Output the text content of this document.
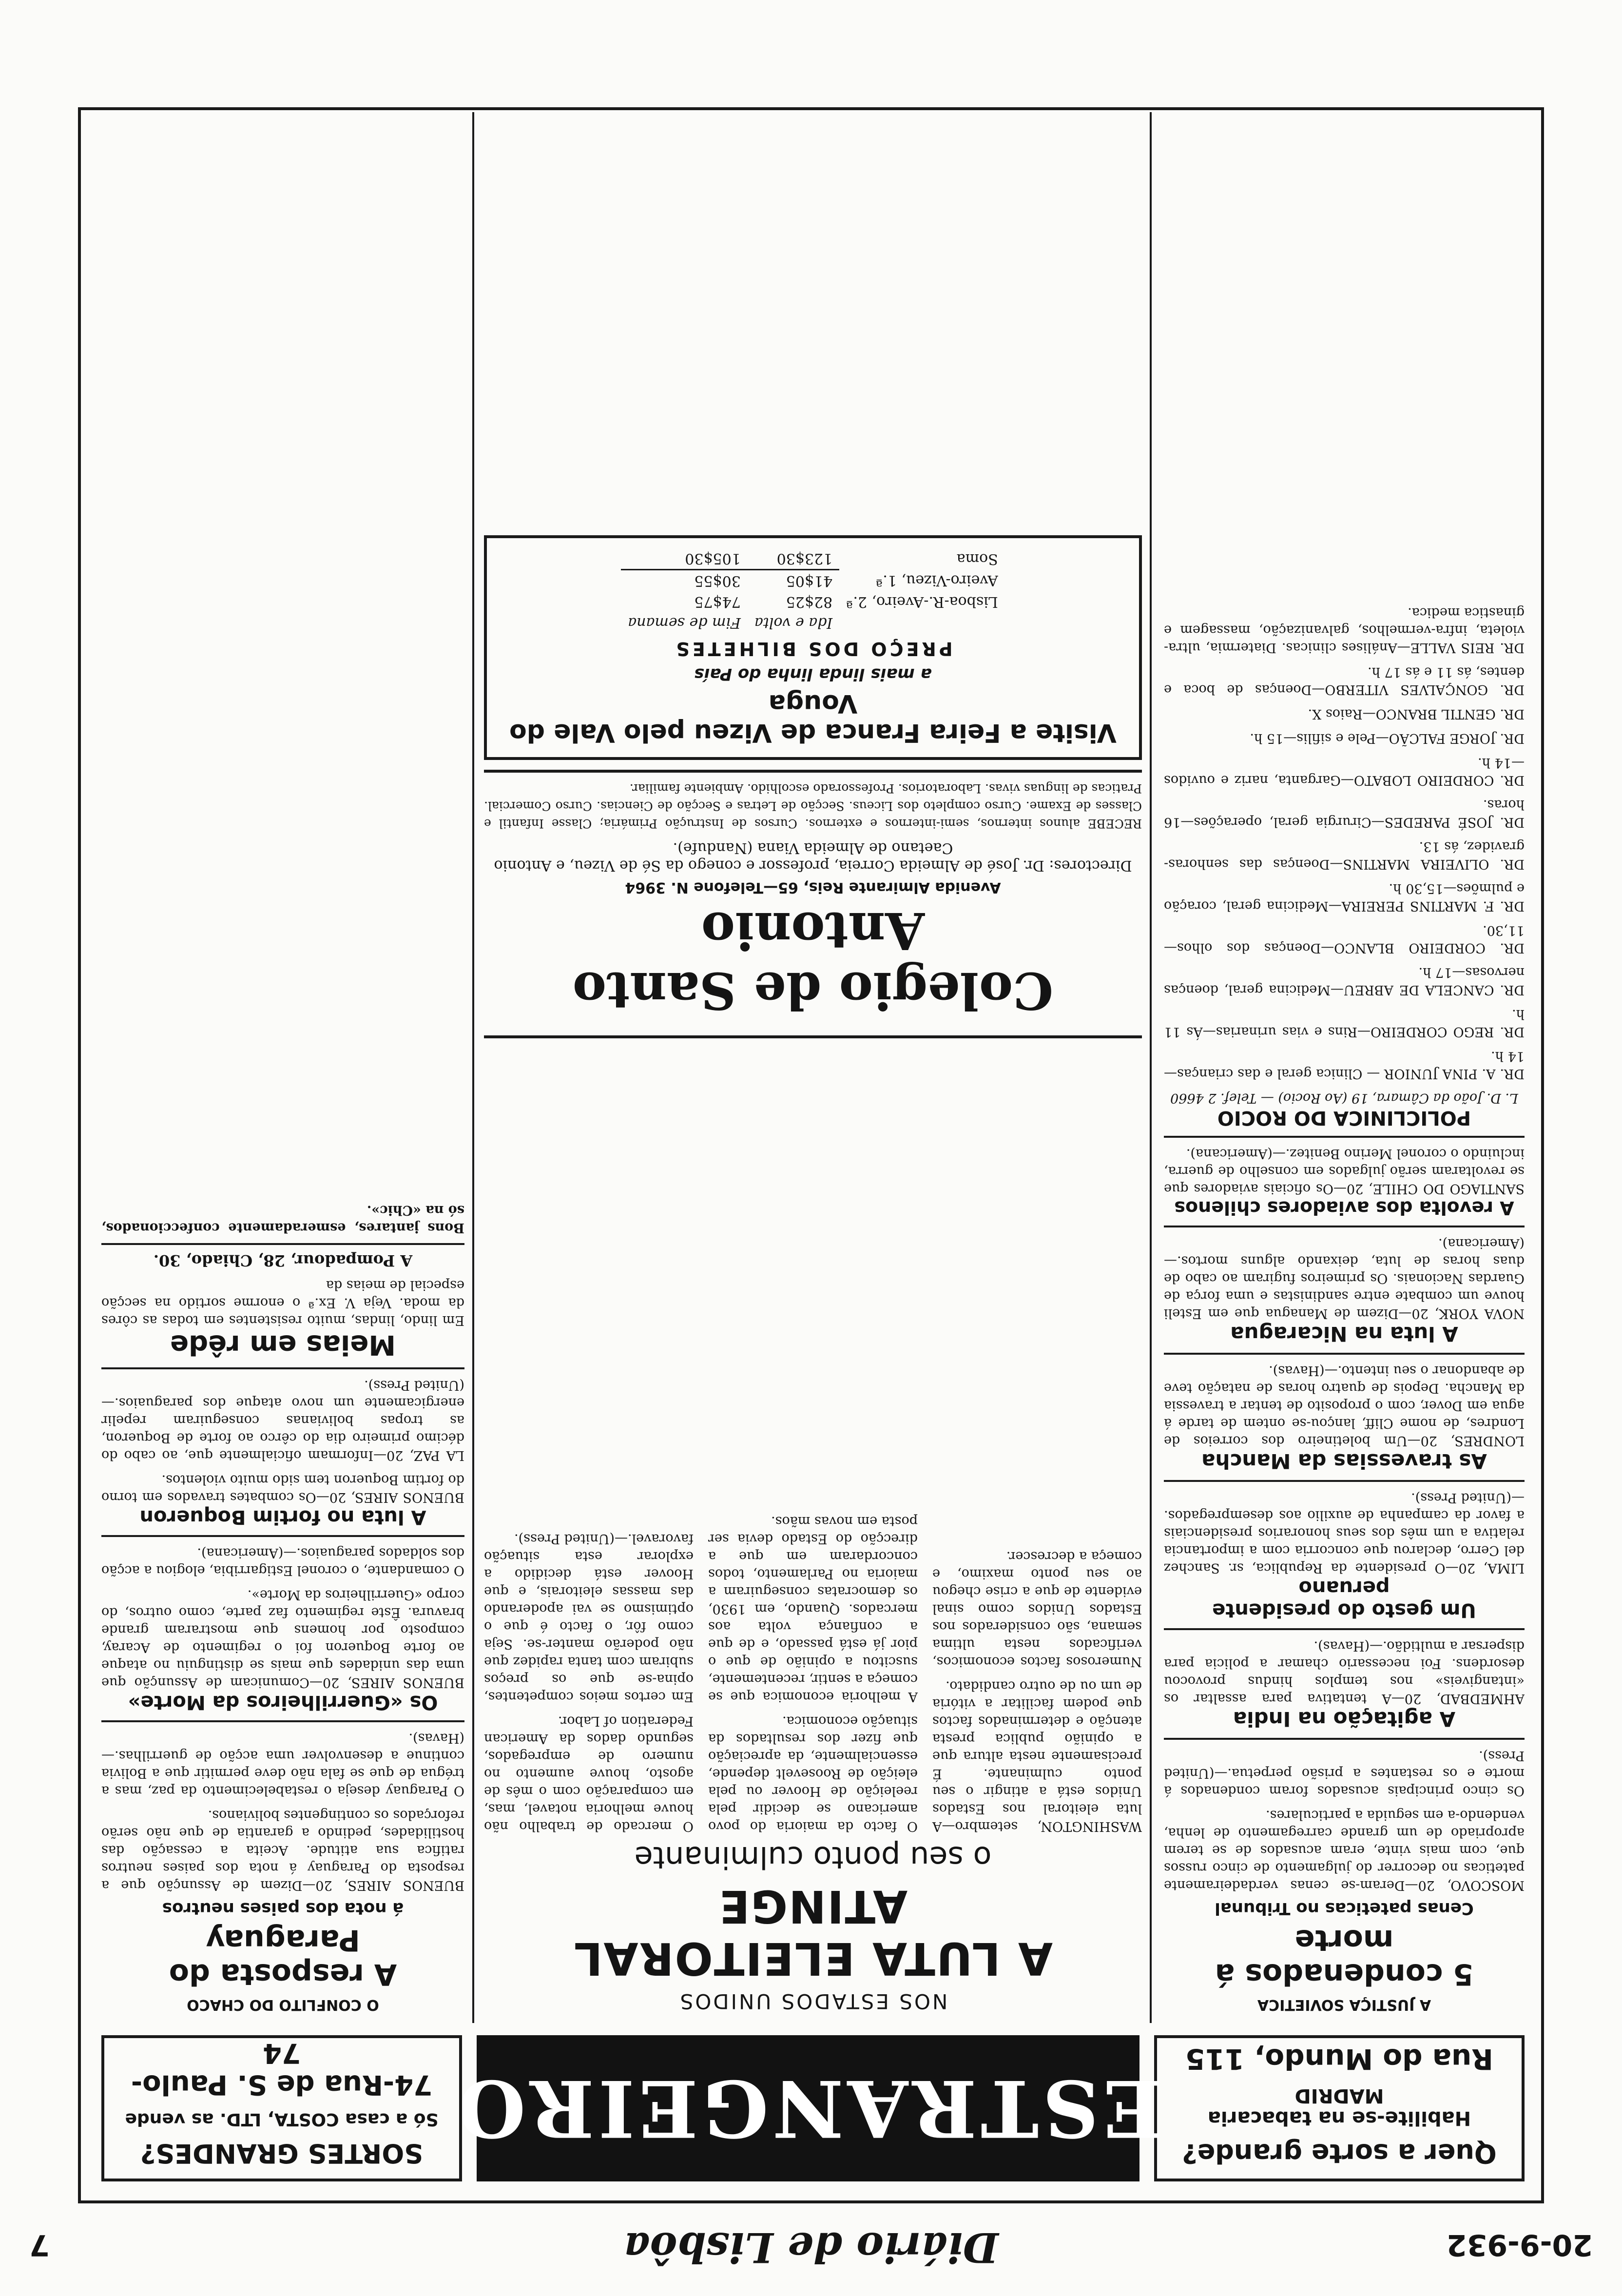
20-9-932
Diário de Lisbôa
7

Quer a sorte grande?

Habilite-se na tabacaria MADRID

Rua do Mundo, 115

ESTRANGEIRO

SORTES GRANDES?

Só a casa COSTA, LTD. as vende

74-Rua de S. Paulo-74

A JUSTIÇA SOVIETICA

5 condenados á morte

Cenas pateticas no Tribunal

MOSCOVO, 20—Deram-se cenas verdadeiramente pateticas no decorrer do julgamento de cinco russos que, com mais vinte, eram acusados de se terem apropriado de um grande carregamento de lenha, vendendo-a em seguida a particulares.

Os cinco principais acusados foram condenados á morte e os restantes a prisão perpetua.—(United Press).

A agitação na India

AHMEDBAD, 20—A tentativa para assaltar os «intangiveis» nos templos hindus provocou desordens. Foi necessario chamar a policia para dispersar a multidão.—(Havas).

Um gesto do presidente peruano

LIMA, 20—O presidente da Republica, sr. Sanchez del Cerro, declarou que concorria com a importancia relativa a um mês dos seus honorarios presidenciais a favor da campanha de auxilio aos desempregados.—(United Press).

As travessias da Mancha

LONDRES, 20—Um boletineiro dos correios de Londres, de nome Cliff, lançou-se ontem de tarde á agua em Dover, com o proposito de tentar a travessia da Mancha. Depois de quatro horas de natação teve de abandonar o seu intento.—(Havas).

A luta na Nicaragua

NOVA YORK, 20—Dizem de Managua que em Esteli houve um combate entre sandinistas e uma força de Guardas Nacionais. Os primeiros fugiram ao cabo de duas horas de luta, deixando alguns mortos.—(Americana).

A revolta dos aviadores chilenos

SANTIAGO DO CHILE, 20—Os oficiais aviadores que se revoltaram serão julgados em conselho de guerra, incluindo o coronel Merino Benitez.—(Americana).

POLICLINICA DO ROCIO

L. D. João da Câmara, 19 (Ao Rocio) — Telef. 2 4660

DR. A. PINA JUNIOR — Clinica geral e das crianças—14 h.

DR. REGO CORDEIRO—Rins e vias urinarias—Ás 11 h.

DR. CANCELA DE ABREU—Medicina geral, doenças nervosas—17 h.

DR. CORDEIRO BLANCO—Doenças dos olhos—11,30.

DR. F. MARTINS PEREIRA—Medicina geral, coração e pulmões—15,30 h.

DR. OLIVEIRA MARTINS—Doenças das senhoras-gravidez, ás 13.

DR. JOSÉ PAREDES—Cirurgia geral, operações—16 horas.

DR. CORDEIRO LOBATO—Garganta, nariz e ouvidos—14 h.

DR. JORGE FALCÃO—Pele e sifilis—15 h.

DR. GENTIL BRANCO—Raios X.

DR. GONÇALVES VITERBO—Doenças de boca e dentes, ás 11 e ás 17 h.

DR. REIS VALLE—Análises clinicas. Diatermia, ultra-violeta, infra-vermelhos, galvanização, massagem e ginastica medica.

NOS ESTADOS UNIDOS

A LUTA ELEITORAL ATINGE

o seu ponto culminante

WASHINGTON, setembro—A luta eleitoral nos Estados Unidos está a atingir o seu ponto culminante. É precisamente nesta altura que a opinião publica presta atenção e determinados factos que podem facilitar a vitória de um ou de outro candidato.

Numerosos factos economicos, verificados nesta ultima semana, são considerados nos Estados Unidos como sinal evidente de que a crise chegou ao seu ponto maximo, e começa a decrescer.

O facto da maioria do povo americano se decidir pela reeleição de Hoover ou pela eleição de Roosevelt depende, essencialmente, da apreciação que fizer dos resultados da situação economica.

A melhoria economica que se começa a sentir, recentemente, suscitou a opinião de que o pior já está passado, e de que a confiança volta aos mercados. Quando, em 1930, os democratas conseguiram a maioria no Parlamento, todos concordaram em que a direcção do Estado devia ser posta em novas mãos.

O mercado de trabalho não houve melhoria notavel, mas, em comparação com o mês de agosto, houve aumento no numero de empregados, segundo dados da American Federation of Labor.

Em certos meios competentes, opina-se que os preços subiram com tanta rapidez que não poderão manter-se. Seja como fôr, o facto é que o optimismo se vai apoderando das massas eleitorais, e que Hoover está decidido a explorar esta situação favoravel.—(United Press).

Colegio de Santo Antonio

Avenida Almirante Reis, 65—Telefone N. 3964

Directores: Dr. José de Almeida Correia, professor e conego da Sé de Vizeu, e Antonio Caetano de Almeida Viana (Nandufe).

RECEBE alunos internos, semi-internos e externos. Cursos de Instrução Primária; Classe Infantil e Classes de Exame. Curso completo dos Liceus. Secção de Letras e Secção de Ciencias. Curso Comercial. Praticas de linguas vivas. Laboratorios. Professorado escolhido. Ambiente familiar.

Visite a Feira Franca de Vizeu pelo Vale do Vouga

a mais linda linha do País

PREÇO DOS BILHETES

	Ida e volta	Fim de semana
Lisboa-R.-Aveiro, 2.ª	82$25	74$75
Aveiro-Vizeu, 1.ª	41$05	30$55
Soma	123$30	105$30

O CONFLITO DO CHACO

A resposta do Paraguay

á nota dos paises neutros

BUENOS AIRES, 20—Dizem de Assunção que a resposta do Paraguay á nota dos paises neutros ratifica sua atitude. Aceita a cessação das hostilidades, pedindo a garantia de que não serão reforçados os contingentes bolivianos.

O Paraguay deseja o restabelecimento da paz, mas a trégua de que se fala não deve permitir que a Bolivia continue a desenvolver uma acção de guerrilhas.—(Havas).

Os «Guerrilheiros da Morte»

BUENOS AIRES, 20—Comunicam de Assunção que uma das unidades que mais se distinguiu no ataque ao forte Boqueron foi o regimento de Acaray, composto por homens que mostraram grande bravura. Êste regimento faz parte, como outros, do corpo «Guerrilheiros da Morte».

O comandante, o coronel Estigarribia, elogiou a acção dos soldados paraguaios.—(Americana).

A luta no fortim Boqueron

BUENOS AIRES, 20—Os combates travados em torno do fortim Boqueron tem sido muito violentos.

LA PAZ, 20—Informam oficialmente que, ao cabo do décimo primeiro dia do cêrco ao forte de Boqueron, as tropas bolivianas conseguiram repelir energicamente um novo ataque dos paraguaios.—(United Press).

Meias em rêde

Em lindo, lindas, muito resistentes em todas as côres da moda. Veja V. Ex.ª o enorme sortido na secção especial de meias da

A Pompadour, 28, Chiado, 30.

Bons jantares, esmeradamente confeccionados, só na «Chic».
